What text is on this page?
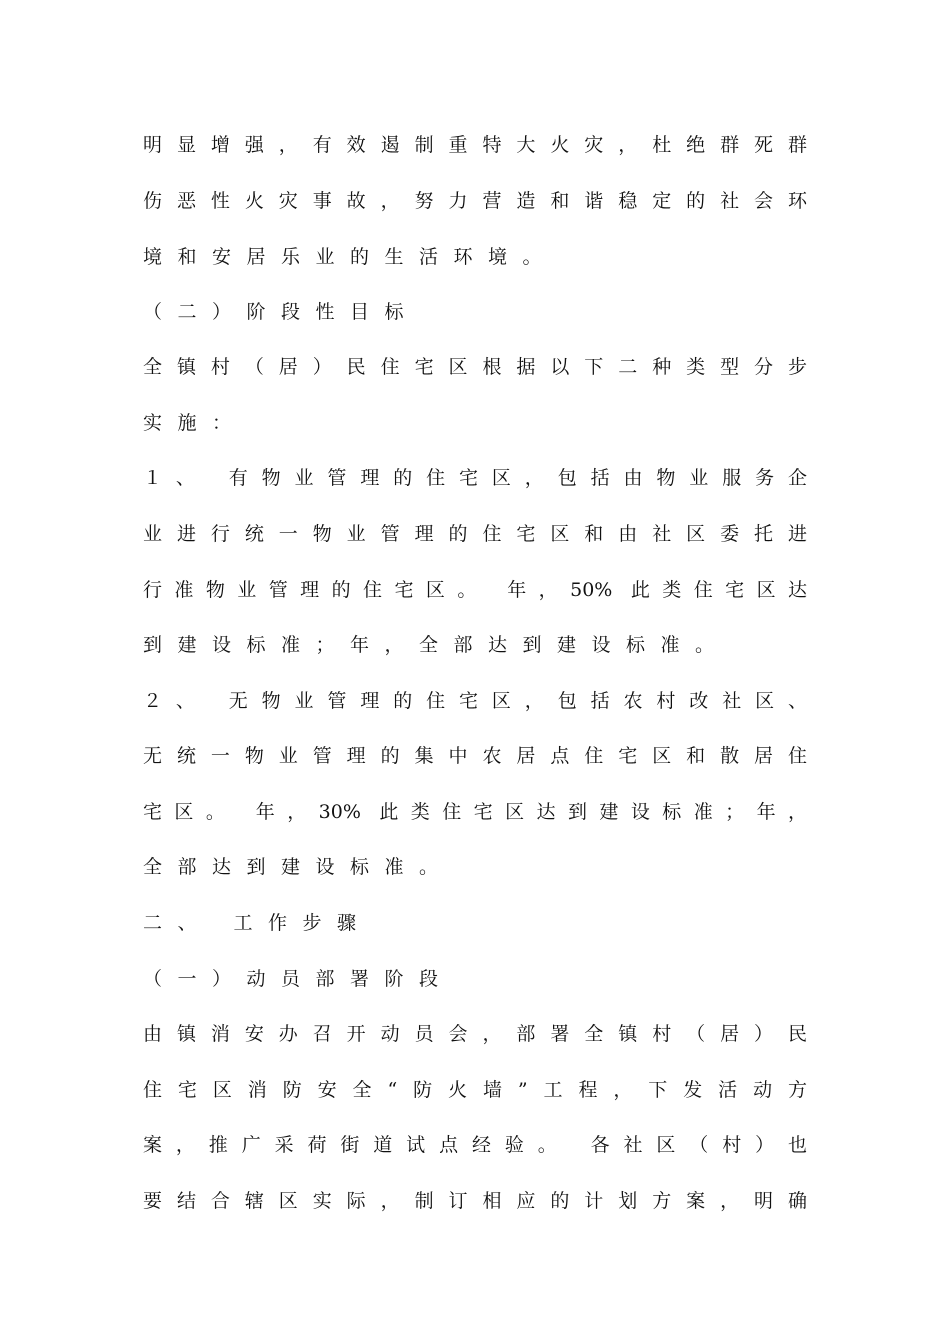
明显增强，有效遏制重特大火灾，杜绝群死群
伤恶性火灾事故，努力营造和谐稳定的社会环
境和安居乐业的生活环境。
（二）阶段性目标
全镇村（居）民住宅区根据以下二种类型分步
实施：
１、 有物业管理的住宅区，包括由物业服务企
业进行统一物业管理的住宅区和由社区委托进
行准物业管理的住宅区。 年，50% 此类住宅区达
到建设标准；年，全部达到建设标准。
２、 无物业管理的住宅区，包括农村改社区、
无统一物业管理的集中农居点住宅区和散居住
宅区。 年，30% 此类住宅区达到建设标准；年，
全部达到建设标准。
二、 工作步骤
（一）动员部署阶段
由镇消安办召开动员会，部署全镇村（居）民
住宅区消防安全“防火墙”工程，下发活动方
案，推广采荷街道试点经验。 各社区（村）也
要结合辖区实际，制订相应的计划方案，明确
